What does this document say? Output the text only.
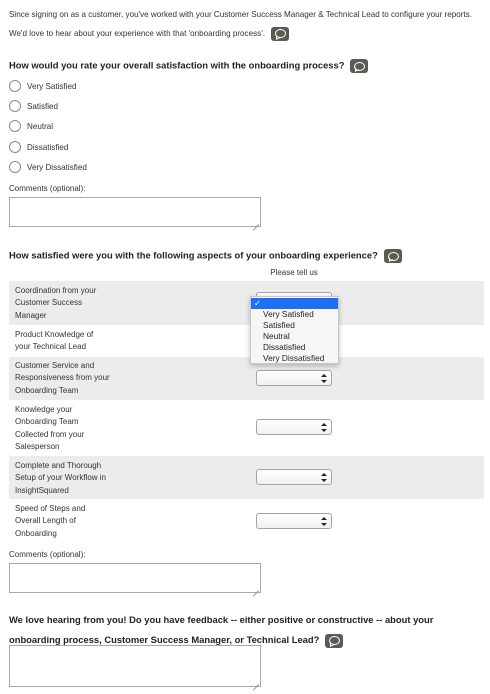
Since signing on as a customer, you've worked with your Customer Success Manager & Technical Lead to configure your reports.
We'd love to hear about your experience with that 'onboarding process'.
How would you rate your overall satisfaction with the onboarding process?
Very Satisfied
Satisfied
Neutral
Dissatisfied
Very Dissatisfied
Comments (optional):
How satisfied were you with the following aspects of your onboarding experience?
Please tell us
Coordination from your Customer Success Manager
Product Knowledge of your Technical Lead
Customer Service and Responsiveness from your Onboarding Team
Knowledge your Onboarding Team Collected from your Salesperson
Complete and Thorough Setup of your Workflow in InsightSquared
Speed of Steps and Overall Length of Onboarding
✓
Very Satisfied
Satisfied
Neutral
Dissatisfied
Very Dissatisfied
Comments (optional):
We love hearing from you! Do you have feedback -- either positive or constructive -- about your onboarding process, Customer Success Manager, or Technical Lead?
